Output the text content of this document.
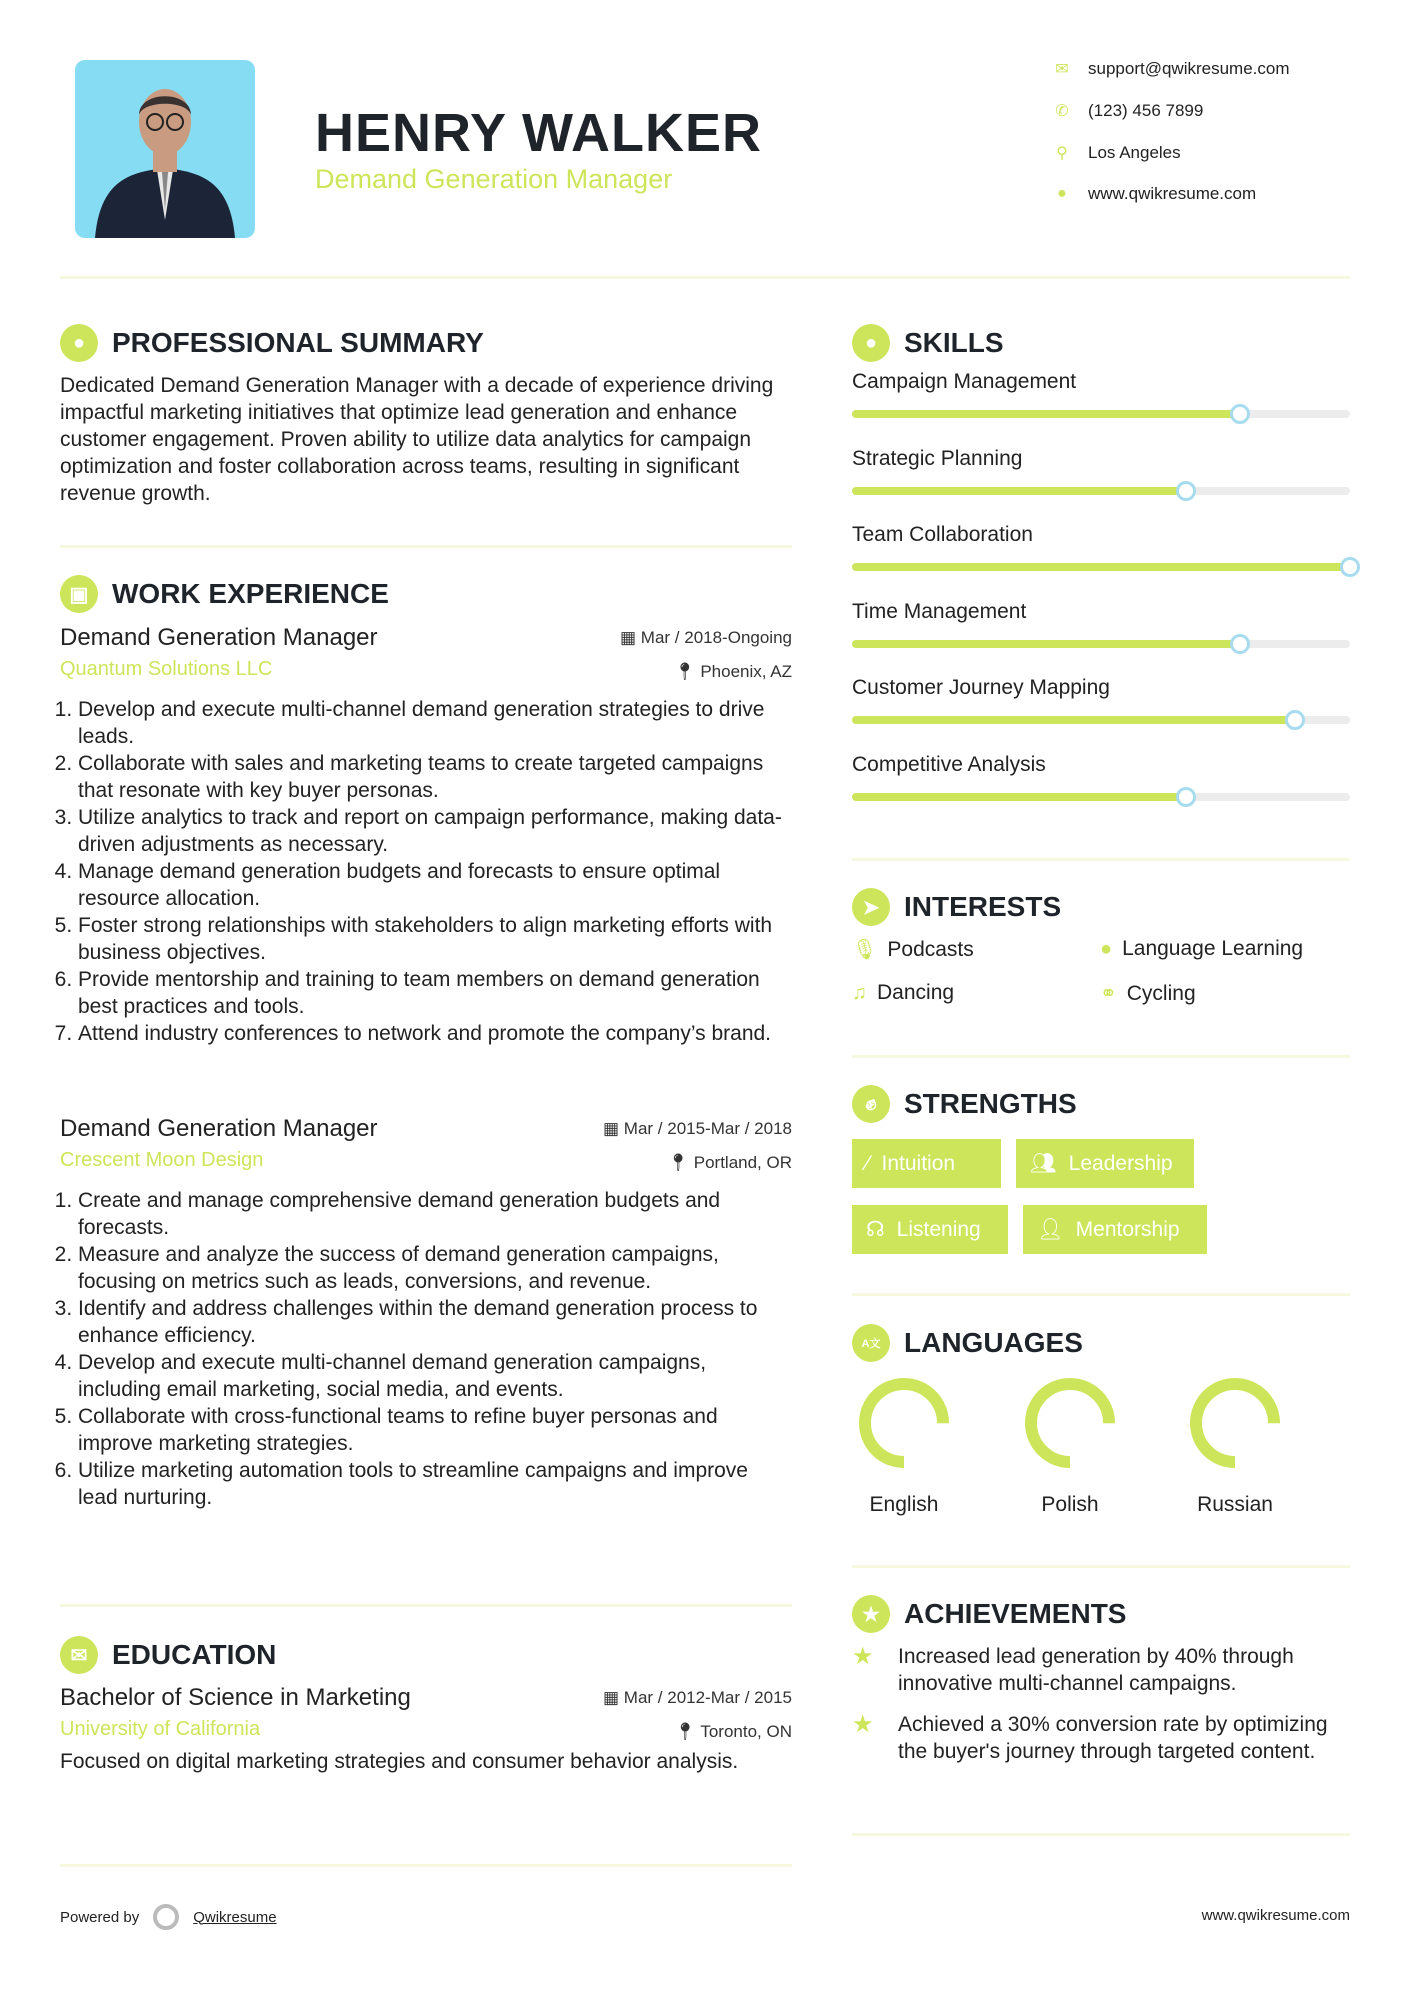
HENRY WALKER
Demand Generation Manager
✉ support@qwikresume.com
✆ (123) 456 7899
⚲ Los Angeles
●	www.qwikresume.com
● PROFESSIONAL SUMMARY

Dedicated Demand Generation Manager with a decade of experience driving impactful marketing initiatives that optimize lead generation and enhance customer engagement. Proven ability to utilize data analytics for campaign optimization and foster collaboration across teams, resulting in significant revenue growth.

▣ WORK EXPERIENCE
Demand Generation Manager	▦ Mar / 2018-Ongoing
Quantum Solutions LLC	📍︎ Phoenix, AZ
1. Develop and execute multi-channel demand generation strategies to drive leads.
2. Collaborate with sales and marketing teams to create targeted campaigns that resonate with key buyer personas.
3. Utilize analytics to track and report on campaign performance, making data-driven adjustments as necessary.
4. Manage demand generation budgets and forecasts to ensure optimal resource allocation.
5. Foster strong relationships with stakeholders to align marketing efforts with business objectives.
6. Provide mentorship and training to team members on demand generation best practices and tools.
7. Attend industry conferences to network and promote the company’s brand.
Demand Generation Manager	▦ Mar / 2015-Mar / 2018
Crescent Moon Design	📍︎ Portland, OR
1. Create and manage comprehensive demand generation budgets and forecasts.
2. Measure and analyze the success of demand generation campaigns, focusing on metrics such as leads, conversions, and revenue.
3. Identify and address challenges within the demand generation process to enhance efficiency.
4. Develop and execute multi-channel demand generation campaigns, including email marketing, social media, and events.
5. Collaborate with cross-functional teams to refine buyer personas and improve marketing strategies.
6. Utilize marketing automation tools to streamline campaigns and improve lead nurturing.
✉ EDUCATION
Bachelor of Science in Marketing	▦ Mar / 2012-Mar / 2015
University of California	📍︎ Toronto, ON

Focused on digital marketing strategies and consumer behavior analysis.

Powered by	Qwikresume	www.qwikresume.com
● SKILLS
Campaign Management
Strategic Planning
Team Collaboration
Time Management
Customer Journey Mapping
Competitive Analysis
➤ INTERESTS
🎙︎ Podcasts	● Language Learning
♫ Dancing	⚭ Cycling
✊︎ STRENGTHS
⁄ Intuition	👥︎ Leadership
☊ Listening	👤︎ Mentorship
A文 LANGUAGES
English	Polish	Russian
★ ACHIEVEMENTS
★	Increased lead generation by 40% through innovative multi-channel campaigns.
★	Achieved a 30% conversion rate by optimizing the buyer's journey through targeted content.
